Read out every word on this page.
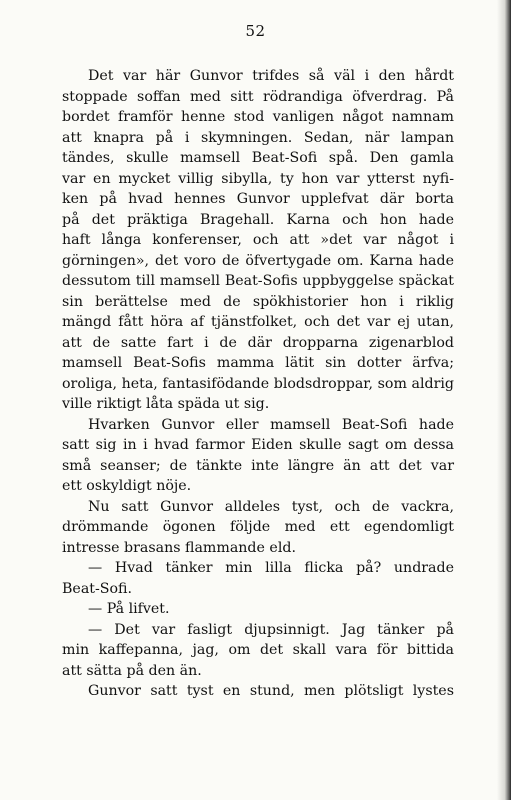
52
Det var här Gunvor trifdes så väl i den hårdt
stoppade soffan med sitt rödrandiga öfverdrag. På
bordet framför henne stod vanligen något namnam
att knapra på i skymningen. Sedan, när lampan
tändes, skulle mamsell Beat-Sofi spå. Den gamla
var en mycket villig sibylla, ty hon var ytterst nyfi-
ken på hvad hennes Gunvor upplefvat där borta
på det präktiga Bragehall. Karna och hon hade
haft långa konferenser, och att »det var något i
görningen», det voro de öfvertygade om. Karna hade
dessutom till mamsell Beat-Sofis uppbyggelse späckat
sin berättelse med de spökhistorier hon i riklig
mängd fått höra af tjänstfolket, och det var ej utan,
att de satte fart i de där dropparna zigenarblod
mamsell Beat-Sofis mamma lätit sin dotter ärfva;
oroliga, heta, fantasifödande blodsdroppar, som aldrig
ville riktigt låta späda ut sig.
Hvarken Gunvor eller mamsell Beat-Sofi hade
satt sig in i hvad farmor Eiden skulle sagt om dessa
små seanser; de tänkte inte längre än att det var
ett oskyldigt nöje.
Nu satt Gunvor alldeles tyst, och de vackra,
drömmande ögonen följde med ett egendomligt
intresse brasans flammande eld.
— Hvad tänker min lilla flicka på? undrade
Beat-Sofi.
— På lifvet.
— Det var fasligt djupsinnigt. Jag tänker på
min kaffepanna, jag, om det skall vara för bittida
att sätta på den än.
Gunvor satt tyst en stund, men plötsligt lystes
